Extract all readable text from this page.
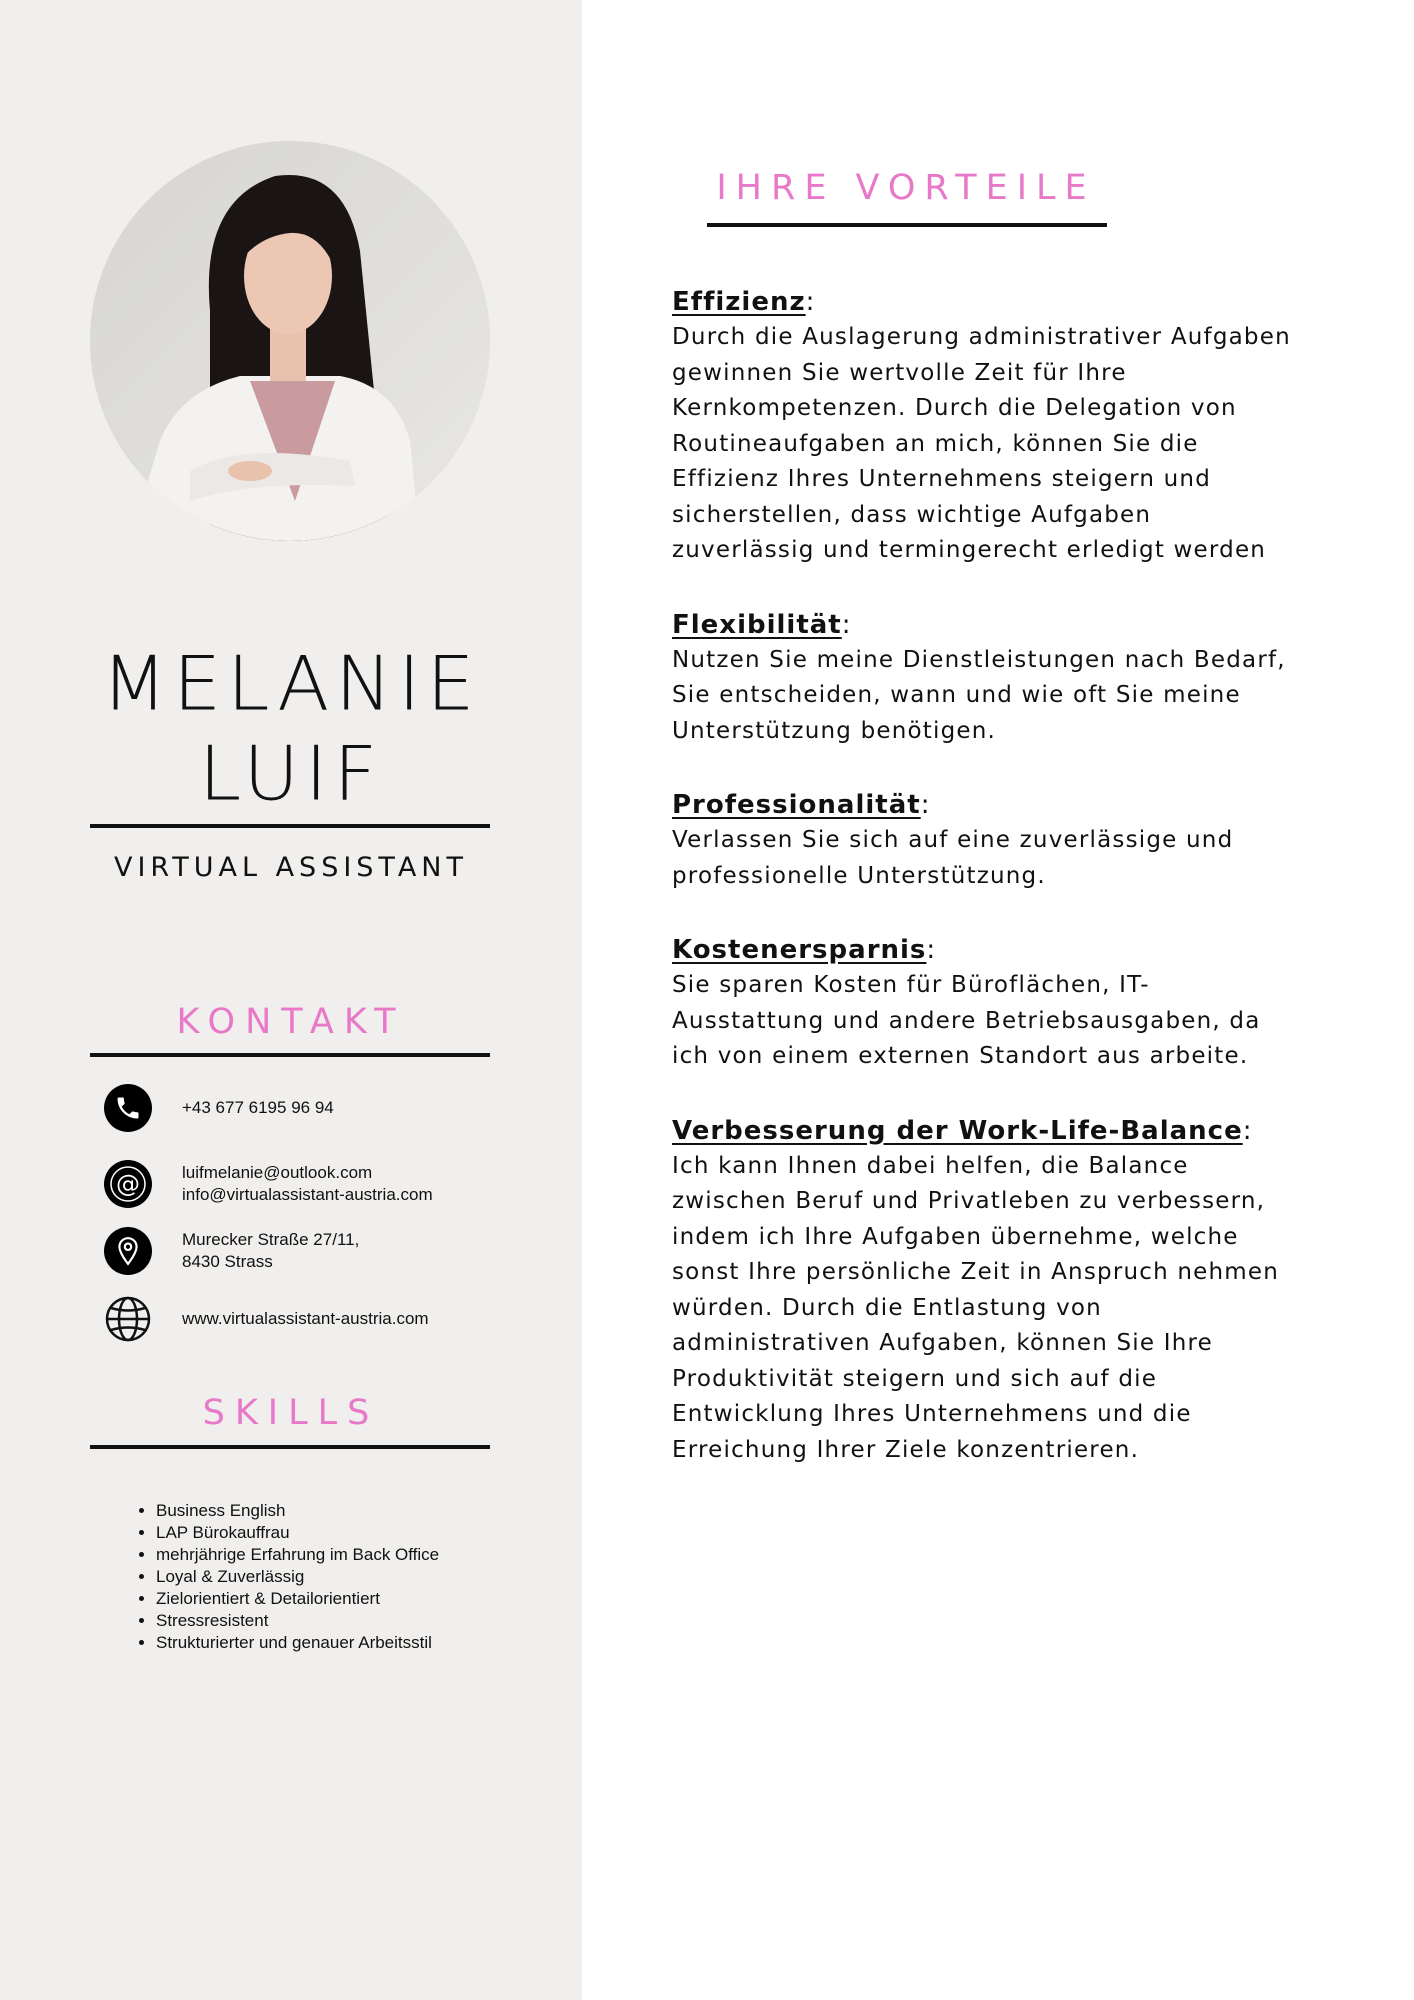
MELANIE
LUIF
VIRTUAL ASSISTANT
KONTAKT
+43 677 6195 96 94
@ luifmelanie@outlook.com
info@virtualassistant-austria.com
Murecker Straße 27/11,
8430 Strass
www.virtualassistant-austria.com
SKILLS
• Business English
• LAP Bürokauffrau
• mehrjährige Erfahrung im Back Office
• Loyal & Zuverlässig
• Zielorientiert & Detailorientiert
• Stressresistent
• Strukturierter und genauer Arbeitsstil
IHRE VORTEILE
Effizienz:
Durch die Auslagerung administrativer Aufgaben gewinnen Sie wertvolle Zeit für Ihre Kernkompetenzen. Durch die Delegation von Routineaufgaben an mich, können Sie die Effizienz Ihres Unternehmens steigern und sicherstellen, dass wichtige Aufgaben zuverlässig und termingerecht erledigt werden
Flexibilität:
Nutzen Sie meine Dienstleistungen nach Bedarf, Sie entscheiden, wann und wie oft Sie meine Unterstützung benötigen.
Professionalität:
Verlassen Sie sich auf eine zuverlässige und professionelle Unterstützung.
Kostenersparnis:
Sie sparen Kosten für Büroflächen, IT-Ausstattung und andere Betriebsausgaben, da ich von einem externen Standort aus arbeite.
Verbesserung der Work-Life-Balance:
Ich kann Ihnen dabei helfen, die Balance zwischen Beruf und Privatleben zu verbessern, indem ich Ihre Aufgaben übernehme, welche sonst Ihre persönliche Zeit in Anspruch nehmen würden. Durch die Entlastung von administrativen Aufgaben, können Sie Ihre Produktivität steigern und sich auf die Entwicklung Ihres Unternehmens und die Erreichung Ihrer Ziele konzentrieren.
